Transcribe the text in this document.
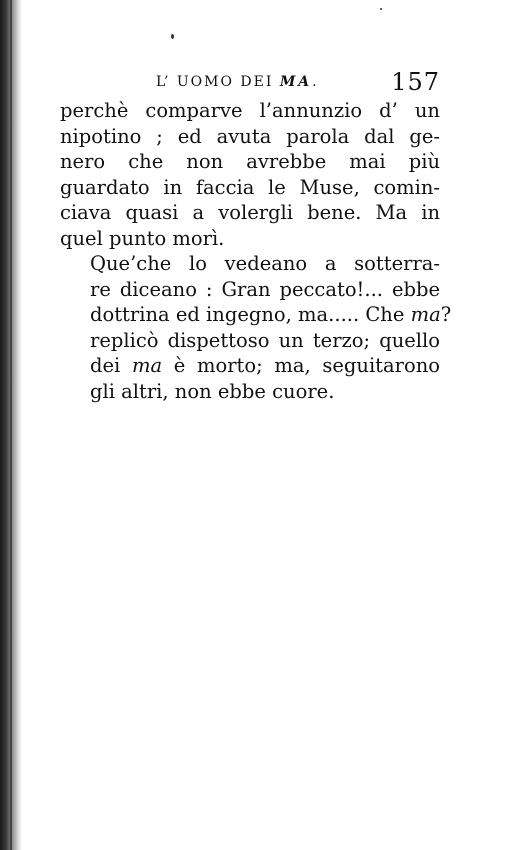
L’ UOMO DEI MA.	157

perchè comparve l’annunzio d’ un
nipotino ; ed avuta parola dal ge-
nero che non avrebbe mai più
guardato in faccia le Muse, comin-
ciava quasi a volergli bene. Ma in
quel punto morì.

Que’che lo vedeano a sotterra-
re diceano : Gran peccato!... ebbe
dottrina ed ingegno, ma..... Che ma?
replicò dispettoso un terzo; quello
dei ma è morto; ma, seguitarono
gli altri, non ebbe cuore.
